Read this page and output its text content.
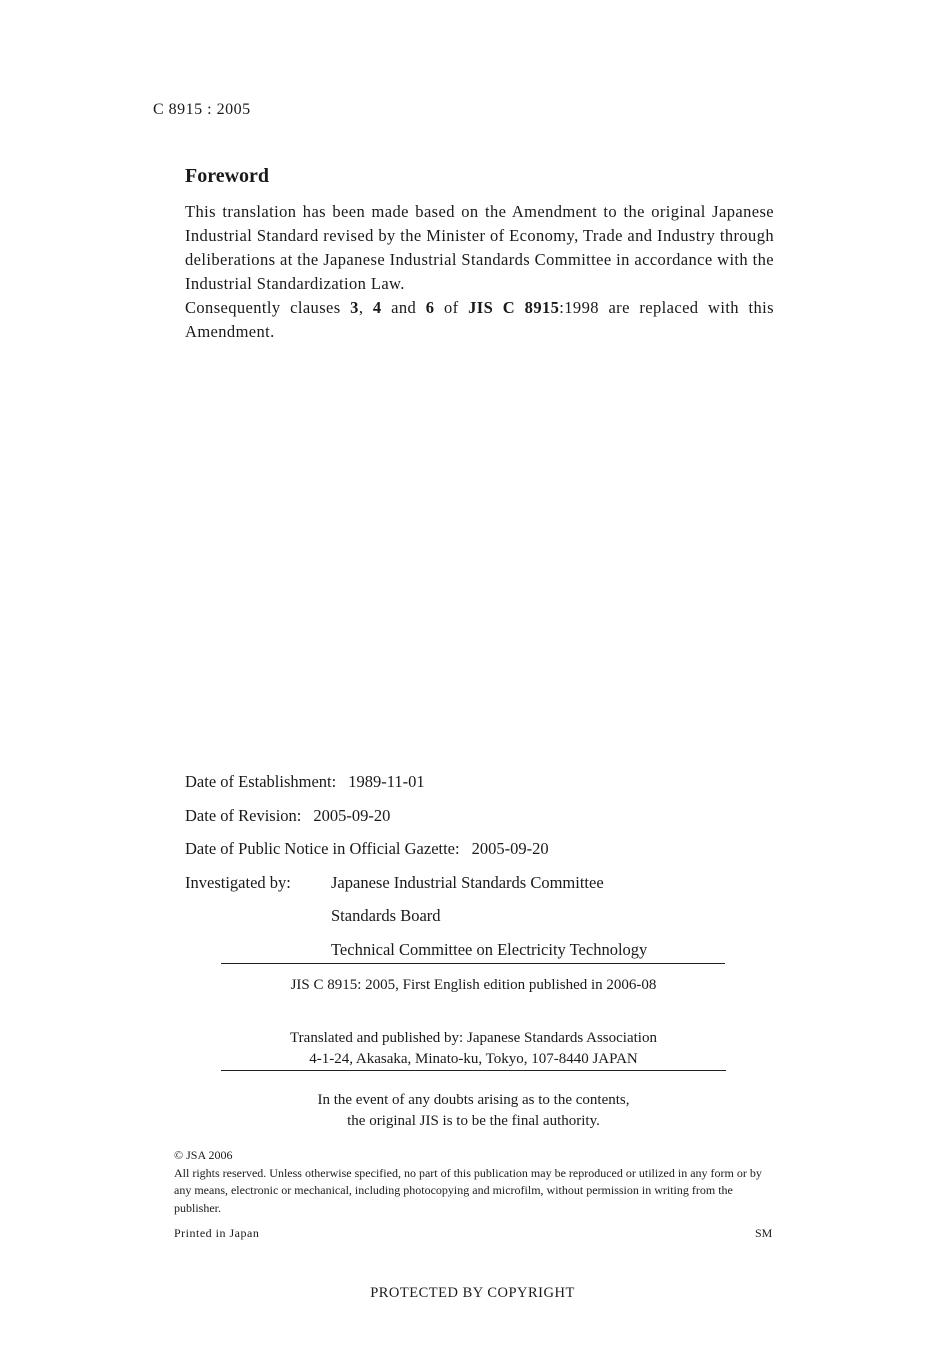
C 8915 : 2005
Foreword

This translation has been made based on the Amendment to the original Japanese Industrial Standard revised by the Minister of Economy, Trade and Industry through deliberations at the Japanese Industrial Standards Committee in accordance with the Industrial Standardization Law.

Consequently clauses 3, 4 and 6 of JIS C 8915:1998 are replaced with this Amendment.

Date of Establishment: 1989-11-01
Date of Revision: 2005-09-20
Date of Public Notice in Official Gazette: 2005-09-20
Investigated by: Japanese Industrial Standards Committee
Standards Board
Technical Committee on Electricity Technology
JIS C 8915: 2005, First English edition published in 2006-08
Translated and published by: Japanese Standards Association
4-1-24, Akasaka, Minato-ku, Tokyo, 107-8440 JAPAN
In the event of any doubts arising as to the contents,
the original JIS is to be the final authority.

© JSA 2006

All rights reserved. Unless otherwise specified, no part of this publication may be reproduced or utilized in any form or by any means, electronic or mechanical, including photocopying and microfilm, without permission in writing from the publisher.

Printed in Japan	SM
PROTECTED BY COPYRIGHT
